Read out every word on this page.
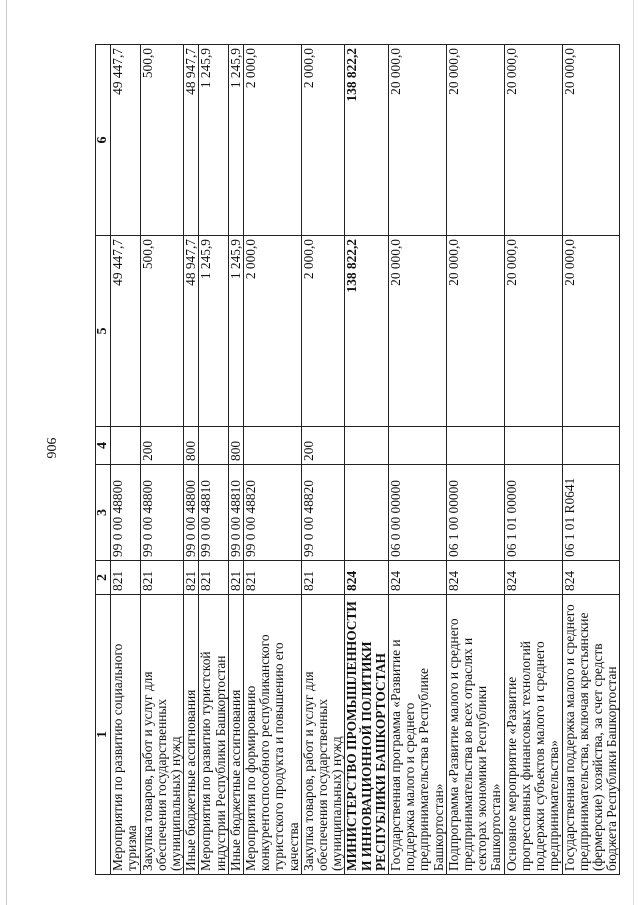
906
1	2	3	4	5	6
Мероприятия по развитию социального туризма	821	99 0 00 48800		49 447,7	49 447,7
Закупка товаров, работ и услуг для обеспечения государственных (муниципальных) нужд	821	99 0 00 48800	200	500,0	500,0
Иные бюджетные ассигнования	821	99 0 00 48800	800	48 947,7	48 947,7
Мероприятия по развитию туристской индустрии Республики Башкортостан	821	99 0 00 48810		1 245,9	1 245,9
Иные бюджетные ассигнования	821	99 0 00 48810	800	1 245,9	1 245,9
Мероприятия по формированию конкурентоспособного республиканского туристского продукта и повышению его качества	821	99 0 00 48820		2 000,0	2 000,0
Закупка товаров, работ и услуг для обеспечения государственных (муниципальных) нужд	821	99 0 00 48820	200	2 000,0	2 000,0
МИНИСТЕРСТВО ПРОМЫШЛЕННОСТИ И ИННОВАЦИОННОЙ ПОЛИТИКИ РЕСПУБЛИКИ БАШКОРТОСТАН	824			138 822,2	138 822,2
Государственная программа «Развитие и поддержка малого и среднего предпринимательства в Республике Башкортостан»	824	06 0 00 00000		20 000,0	20 000,0
Подпрограмма «Развитие малого и среднего предпринимательства во всех отраслях и секторах экономики Республики Башкортостан»	824	06 1 00 00000		20 000,0	20 000,0
Основное мероприятие «Развитие прогрессивных финансовых технологий поддержки субъектов малого и среднего предпринимательства»	824	06 1 01 00000		20 000,0	20 000,0
Государственная поддержка малого и среднего предпринимательства, включая крестьянские (фермерские) хозяйства, за счет средств бюджета Республики Башкортостан	824	06 1 01 R0641		20 000,0	20 000,0
